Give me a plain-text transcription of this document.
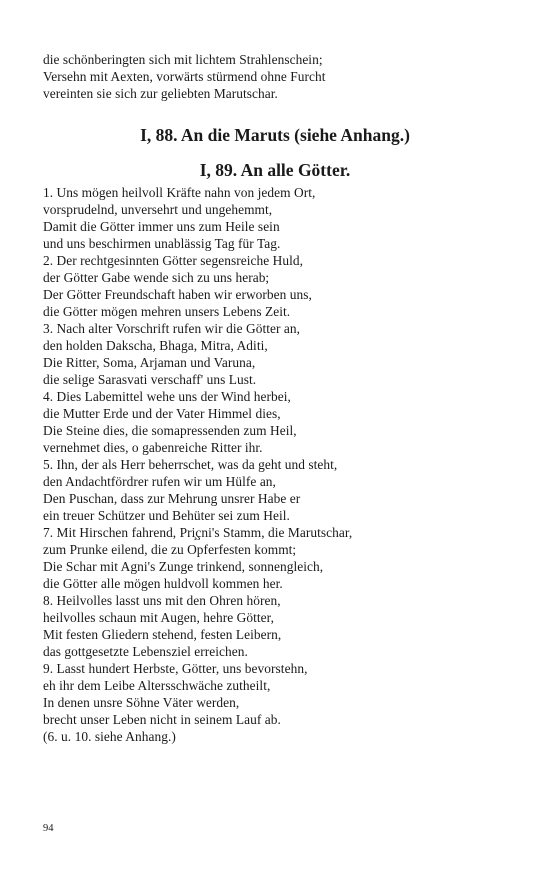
die schönberingten sich mit lichtem Strahlenschein;
Versehn mit Aexten, vorwärts stürmend ohne Furcht
vereinten sie sich zur geliebten Marutschar.
I, 88. An die Maruts (siehe Anhang.)
I, 89. An alle Götter.
1. Uns mögen heilvoll Kräfte nahn von jedem Ort,
vorsprudelnd, unversehrt und ungehemmt,
Damit die Götter immer uns zum Heile sein
und uns beschirmen unablässig Tag für Tag.
2. Der rechtgesinnten Götter segensreiche Huld,
der Götter Gabe wende sich zu uns herab;
Der Götter Freundschaft haben wir erworben uns,
die Götter mögen mehren unsers Lebens Zeit.
3. Nach alter Vorschrift rufen wir die Götter an,
den holden Dakscha, Bhaga, Mitra, Aditi,
Die Ritter, Soma, Arjaman und Varuna,
die selige Sarasvati verschaff' uns Lust.
4. Dies Labemittel wehe uns der Wind herbei,
die Mutter Erde und der Vater Himmel dies,
Die Steine dies, die somapressenden zum Heil,
vernehmet dies, o gabenreiche Ritter ihr.
5. Ihn, der als Herr beherrschet, was da geht und steht,
den Andachtfördrer rufen wir um Hülfe an,
Den Puschan, dass zur Mehrung unsrer Habe er
ein treuer Schützer und Behüter sei zum Heil.
7. Mit Hirschen fahrend, Pri̧çni's Stamm, die Marutschar,
zum Prunke eilend, die zu Opferfesten kommt;
Die Schar mit Agni's Zunge trinkend, sonnengleich,
die Götter alle mögen huldvoll kommen her.
8. Heilvolles lasst uns mit den Ohren hören,
heilvolles schaun mit Augen, hehre Götter,
Mit festen Gliedern stehend, festen Leibern,
das gottgesetzte Lebensziel erreichen.
9. Lasst hundert Herbste, Götter, uns bevorstehn,
eh ihr dem Leibe Altersschwäche zutheilt,
In denen unsre Söhne Väter werden,
brecht unser Leben nicht in seinem Lauf ab.
(6. u. 10. siehe Anhang.)
94
